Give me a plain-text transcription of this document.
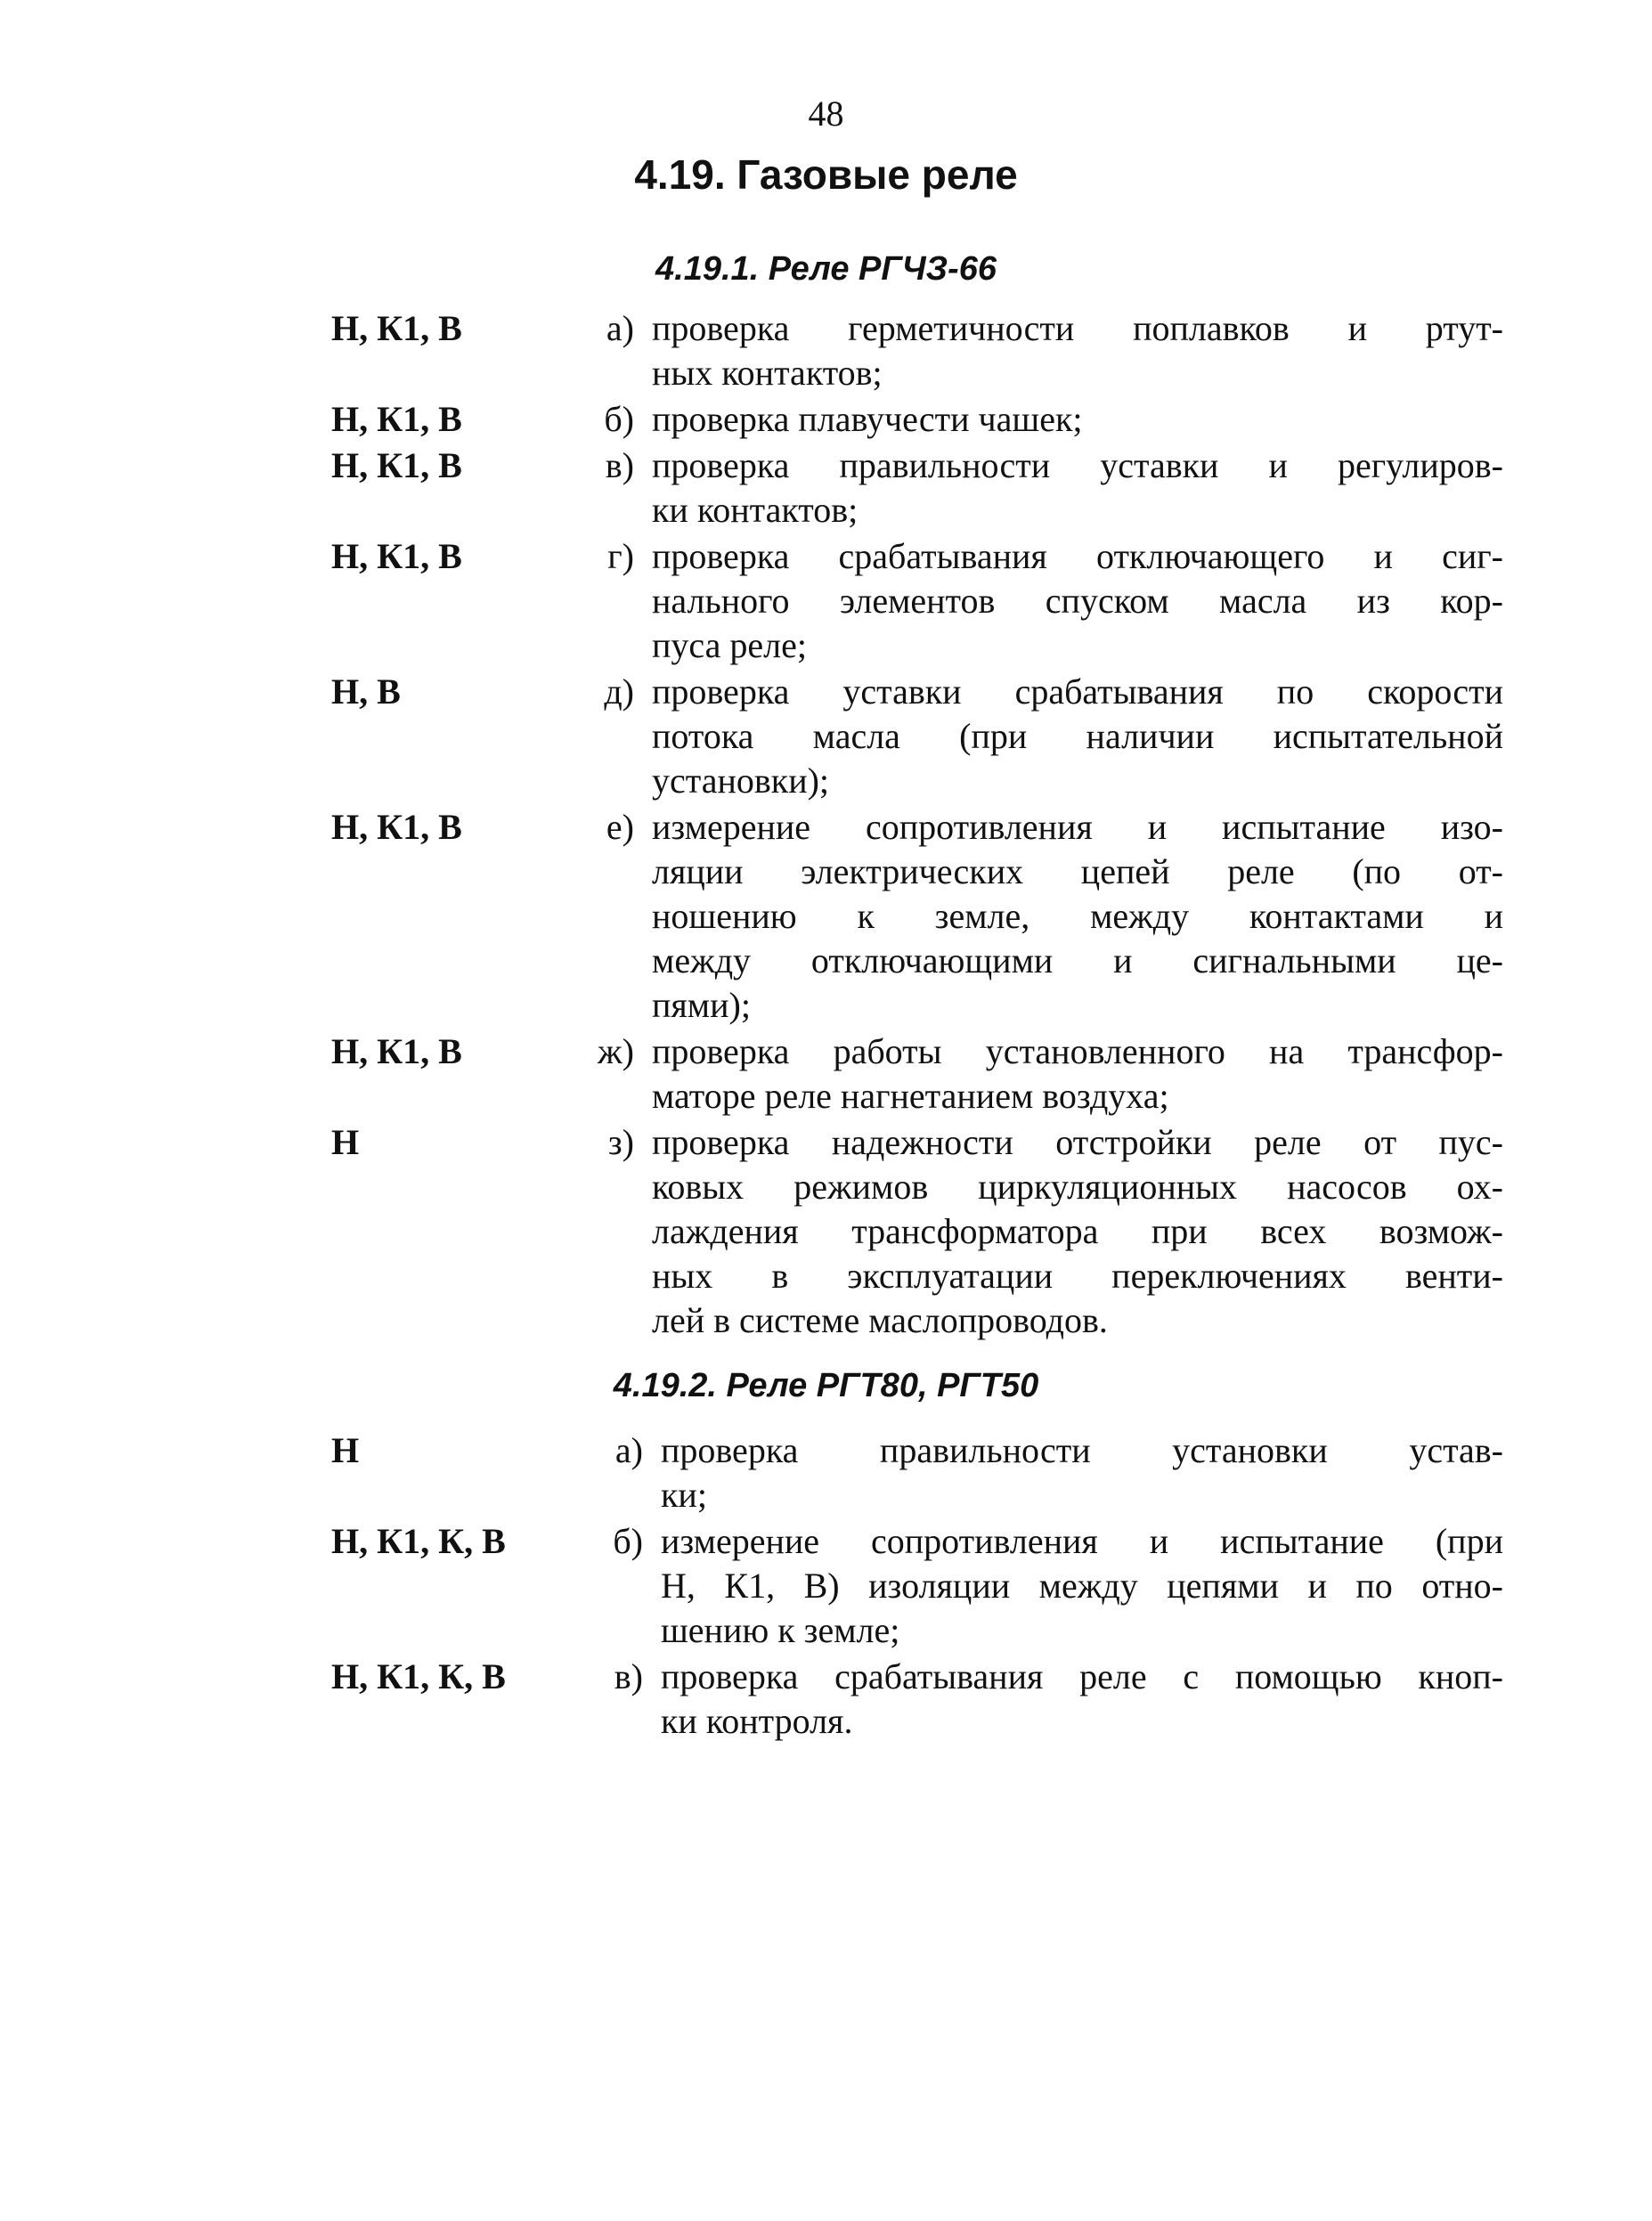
48
4.19. Газовые реле
4.19.1. Реле РГЧЗ-66
Н, К1, В	а) проверка герметичности поплавков и ртут-
ных контактов;
Н, К1, В	б) проверка плавучести чашек;
Н, К1, В	в) проверка правильности уставки и регулиров-
ки контактов;
Н, К1, В	г) проверка срабатывания отключающего и сиг-
нального элементов спуском масла из кор-
пуса реле;
Н, В	д) проверка уставки срабатывания по скорости
потока масла (при наличии испытательной
установки);
Н, К1, В	е) измерение сопротивления и испытание изо-
ляции электрических цепей реле (по от-
ношению к земле, между контактами и
между отключающими и сигнальными це-
пями);
Н, К1, В	ж) проверка работы установленного на трансфор-
маторе реле нагнетанием воздуха;
Н	з) проверка надежности отстройки реле от пус-
ковых режимов циркуляционных насосов ох-
лаждения трансформатора при всех возмож-
ных в эксплуатации переключениях венти-
лей в системе маслопроводов.
4.19.2. Реле РГТ80, РГТ50
Н	а) проверка правильности установки устав-
ки;
Н, К1, К, В	б) измерение сопротивления и испытание (при
Н, К1, В) изоляции между цепями и по отно-
шению к земле;
Н, К1, К, В	в) проверка срабатывания реле с помощью кноп-
ки контроля.
